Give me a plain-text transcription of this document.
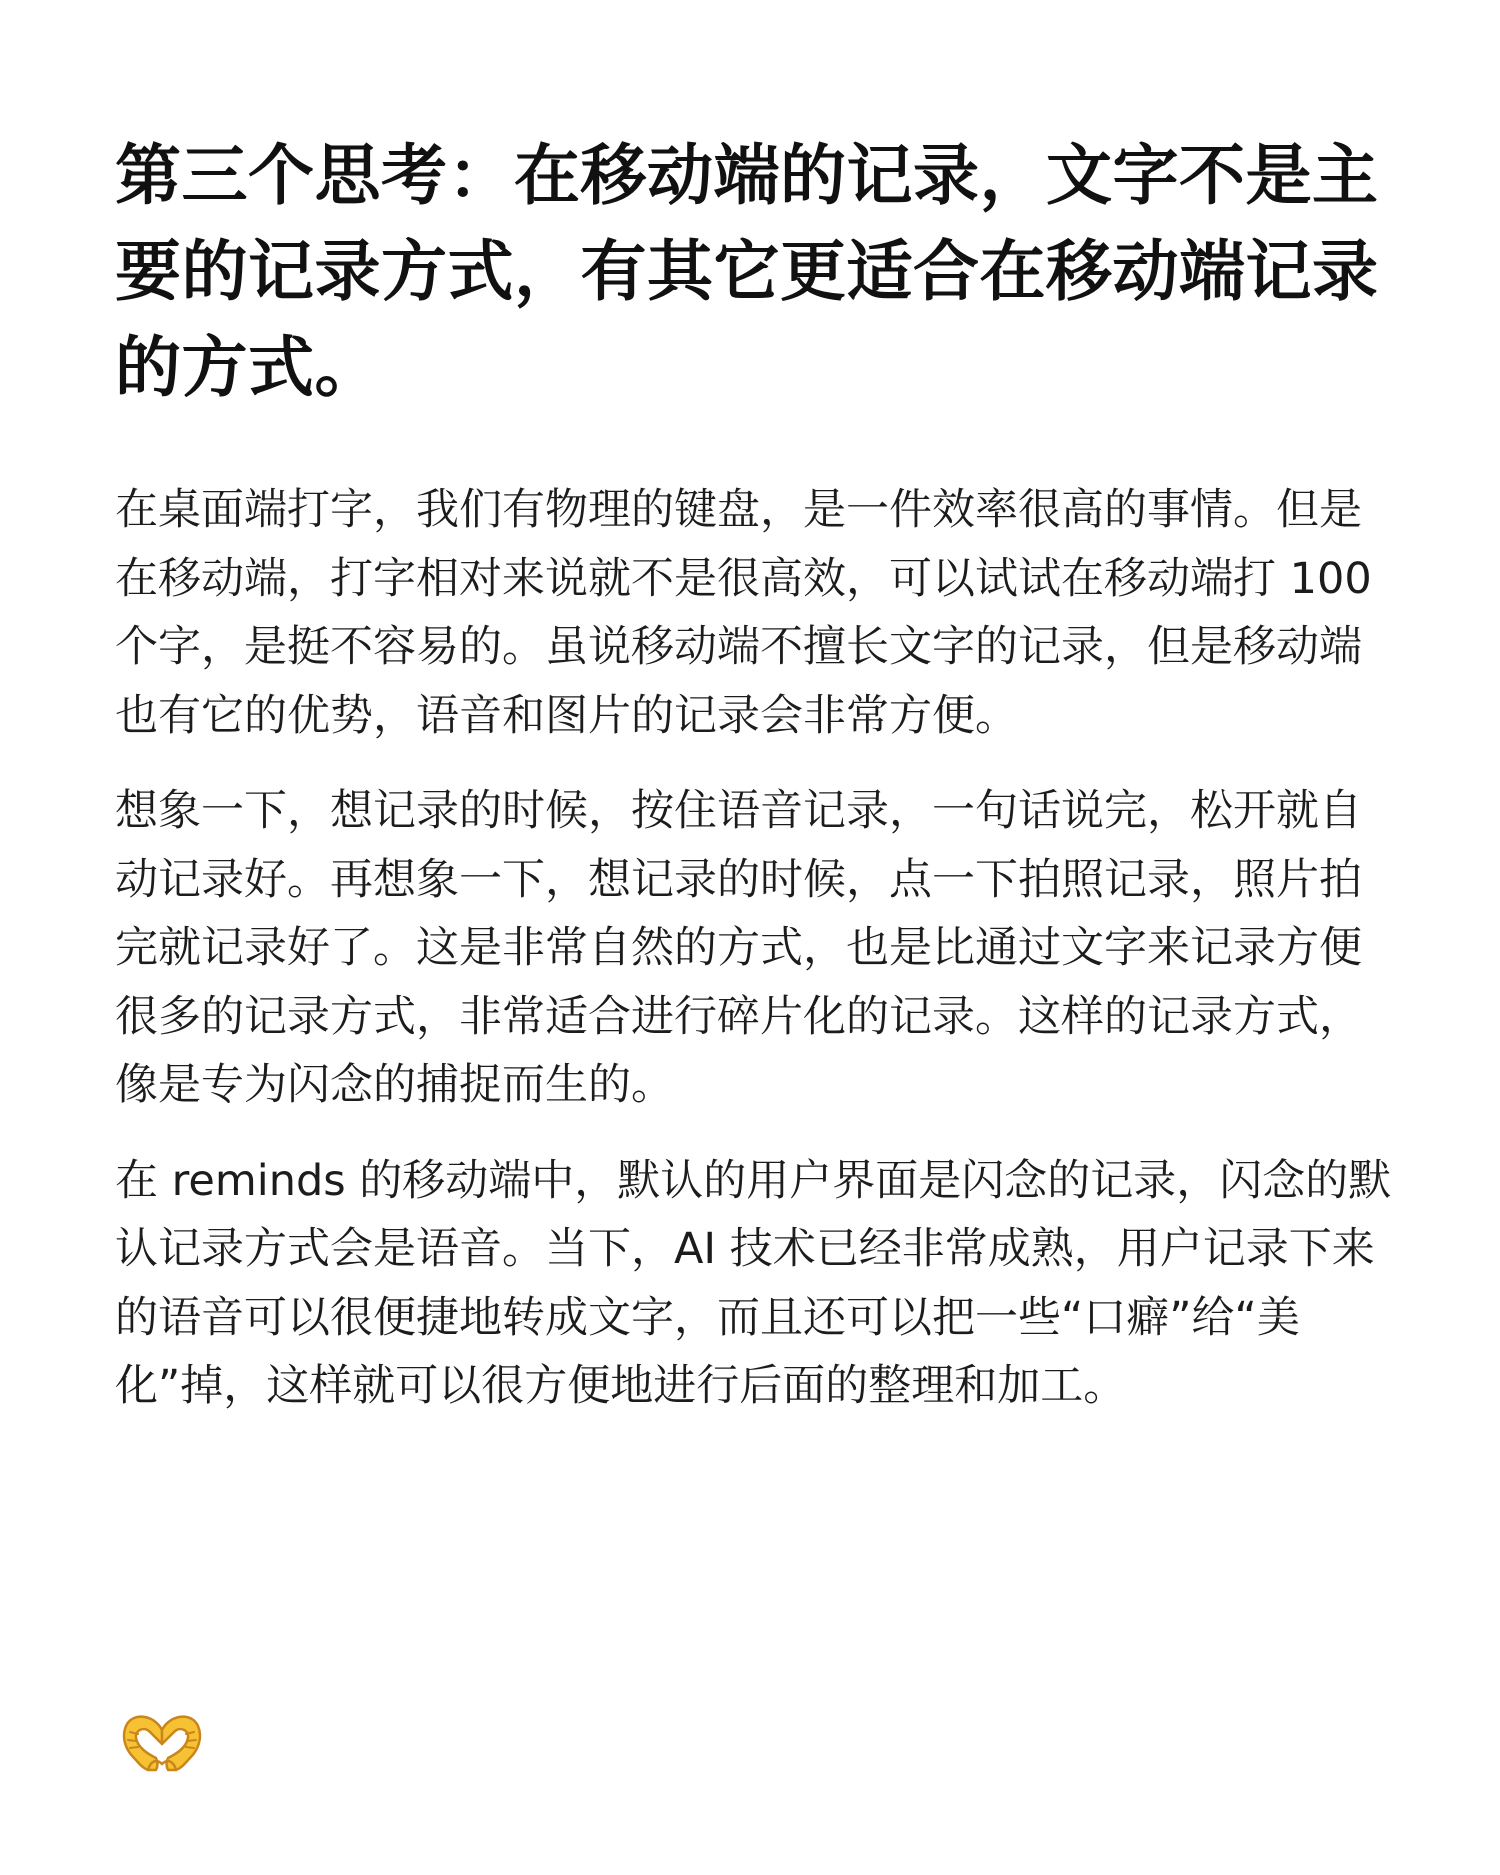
第三个思考：在移动端的记录，文字不是主要的记录方式，有其它更适合在移动端记录的方式。

在桌面端打字，我们有物理的键盘，是一件效率很高的事情。但是在移动端，打字相对来说就不是很高效，可以试试在移动端打 100 个字，是挺不容易的。虽说移动端不擅长文字的记录，但是移动端也有它的优势，语音和图片的记录会非常方便。

想象一下，想记录的时候，按住语音记录，一句话说完，松开就自动记录好。再想象一下，想记录的时候，点一下拍照记录，照片拍完就记录好了。这是非常自然的方式，也是比通过文字来记录方便很多的记录方式，非常适合进行碎片化的记录。这样的记录方式，像是专为闪念的捕捉而生的。

在 reminds 的移动端中，默认的用户界面是闪念的记录，闪念的默认记录方式会是语音。当下，AI 技术已经非常成熟，用户记录下来的语音可以很便捷地转成文字，而且还可以把一些“口癖”给“美化”掉，这样就可以很方便地进行后面的整理和加工。
